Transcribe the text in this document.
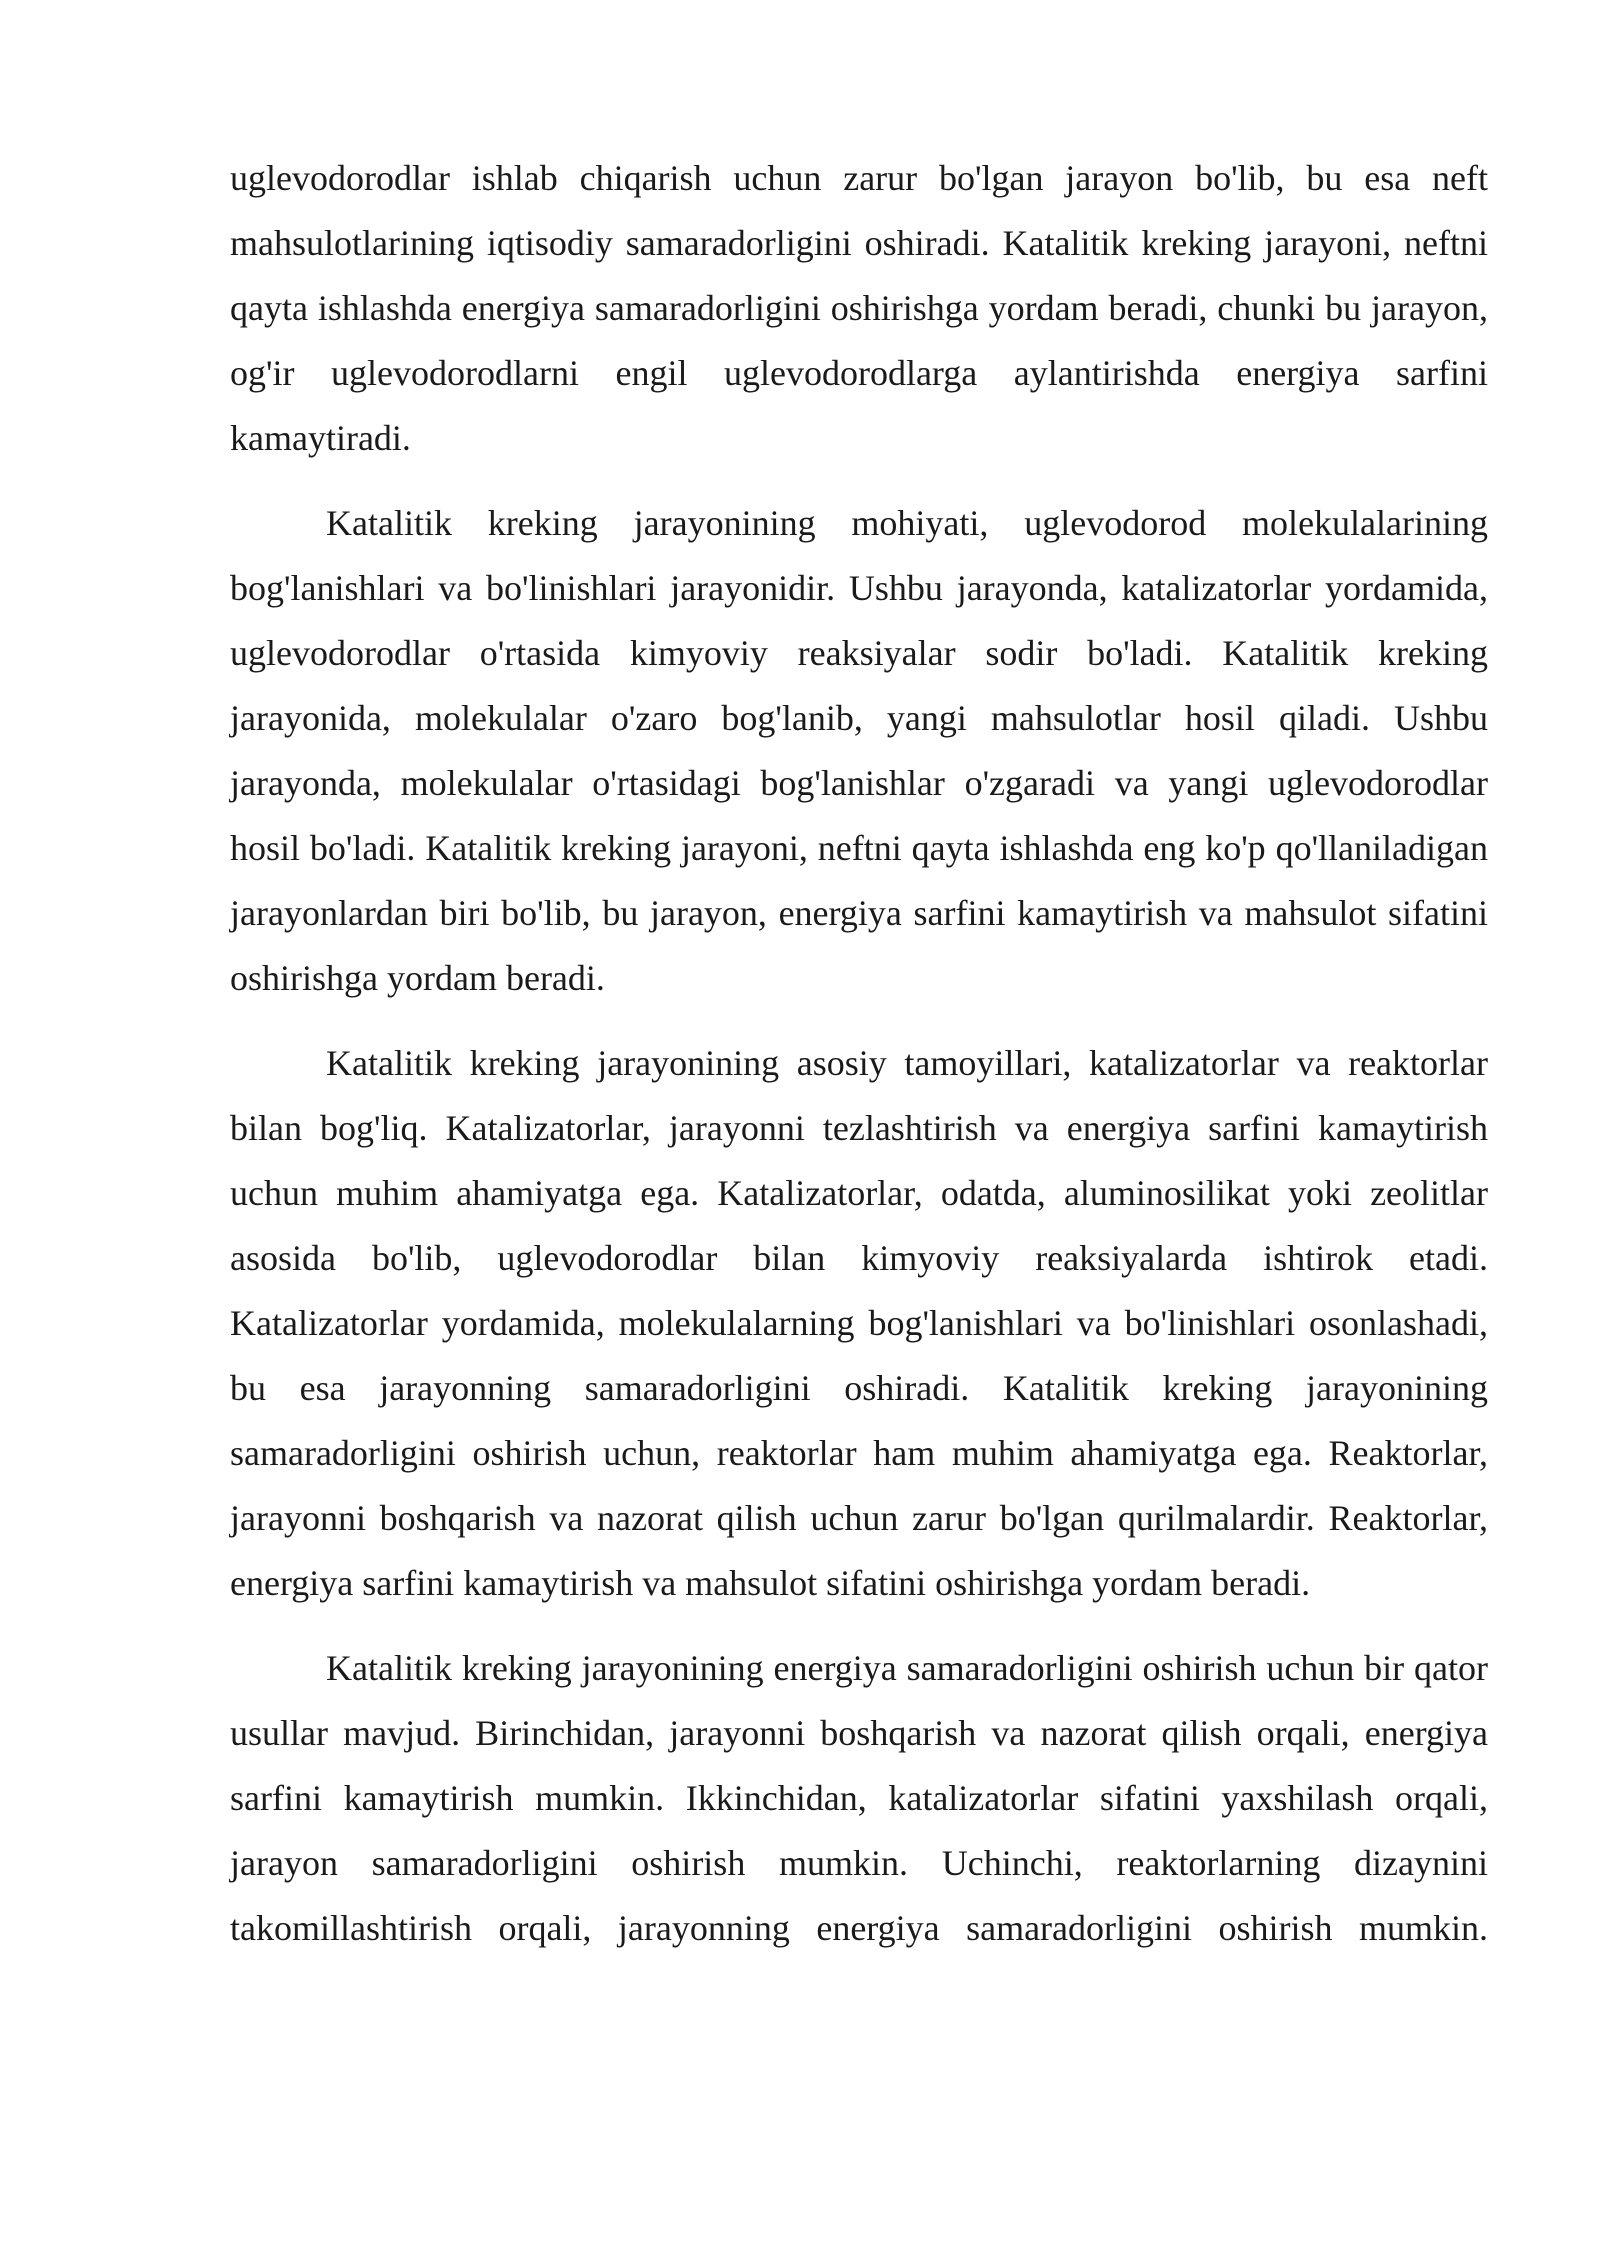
uglevodorodlar ishlab chiqarish uchun zarur bo'lgan jarayon bo'lib, bu esa neft mahsulotlarining iqtisodiy samaradorligini oshiradi. Katalitik kreking jarayoni, neftni qayta ishlashda energiya samaradorligini oshirishga yordam beradi, chunki bu jarayon, og'ir uglevodorodlarni engil uglevodorodlarga aylantirishda energiya sarfini kamaytiradi.

Katalitik kreking jarayonining mohiyati, uglevodorod molekulalarining bog'lanishlari va bo'linishlari jarayonidir. Ushbu jarayonda, katalizatorlar yordamida, uglevodorodlar o'rtasida kimyoviy reaksiyalar sodir bo'ladi. Katalitik kreking jarayonida, molekulalar o'zaro bog'lanib, yangi mahsulotlar hosil qiladi. Ushbu jarayonda, molekulalar o'rtasidagi bog'lanishlar o'zgaradi va yangi uglevodorodlar hosil bo'ladi. Katalitik kreking jarayoni, neftni qayta ishlashda eng ko'p qo'llaniladigan jarayonlardan biri bo'lib, bu jarayon, energiya sarfini kamaytirish va mahsulot sifatini oshirishga yordam beradi.

Katalitik kreking jarayonining asosiy tamoyillari, katalizatorlar va reaktorlar bilan bog'liq. Katalizatorlar, jarayonni tezlashtirish va energiya sarfini kamaytirish uchun muhim ahamiyatga ega. Katalizatorlar, odatda, aluminosilikat yoki zeolitlar asosida bo'lib, uglevodorodlar bilan kimyoviy reaksiyalarda ishtirok etadi. Katalizatorlar yordamida, molekulalarning bog'lanishlari va bo'linishlari osonlashadi, bu esa jarayonning samaradorligini oshiradi. Katalitik kreking jarayonining samaradorligini oshirish uchun, reaktorlar ham muhim ahamiyatga ega. Reaktorlar, jarayonni boshqarish va nazorat qilish uchun zarur bo'lgan qurilmalardir. Reaktorlar, energiya sarfini kamaytirish va mahsulot sifatini oshirishga yordam beradi.

Katalitik kreking jarayonining energiya samaradorligini oshirish uchun bir qator usullar mavjud. Birinchidan, jarayonni boshqarish va nazorat qilish orqali, energiya sarfini kamaytirish mumkin. Ikkinchidan, katalizatorlar sifatini yaxshilash orqali, jarayon samaradorligini oshirish mumkin. Uchinchi, reaktorlarning dizaynini takomillashtirish orqali, jarayonning energiya samaradorligini oshirish mumkin.
